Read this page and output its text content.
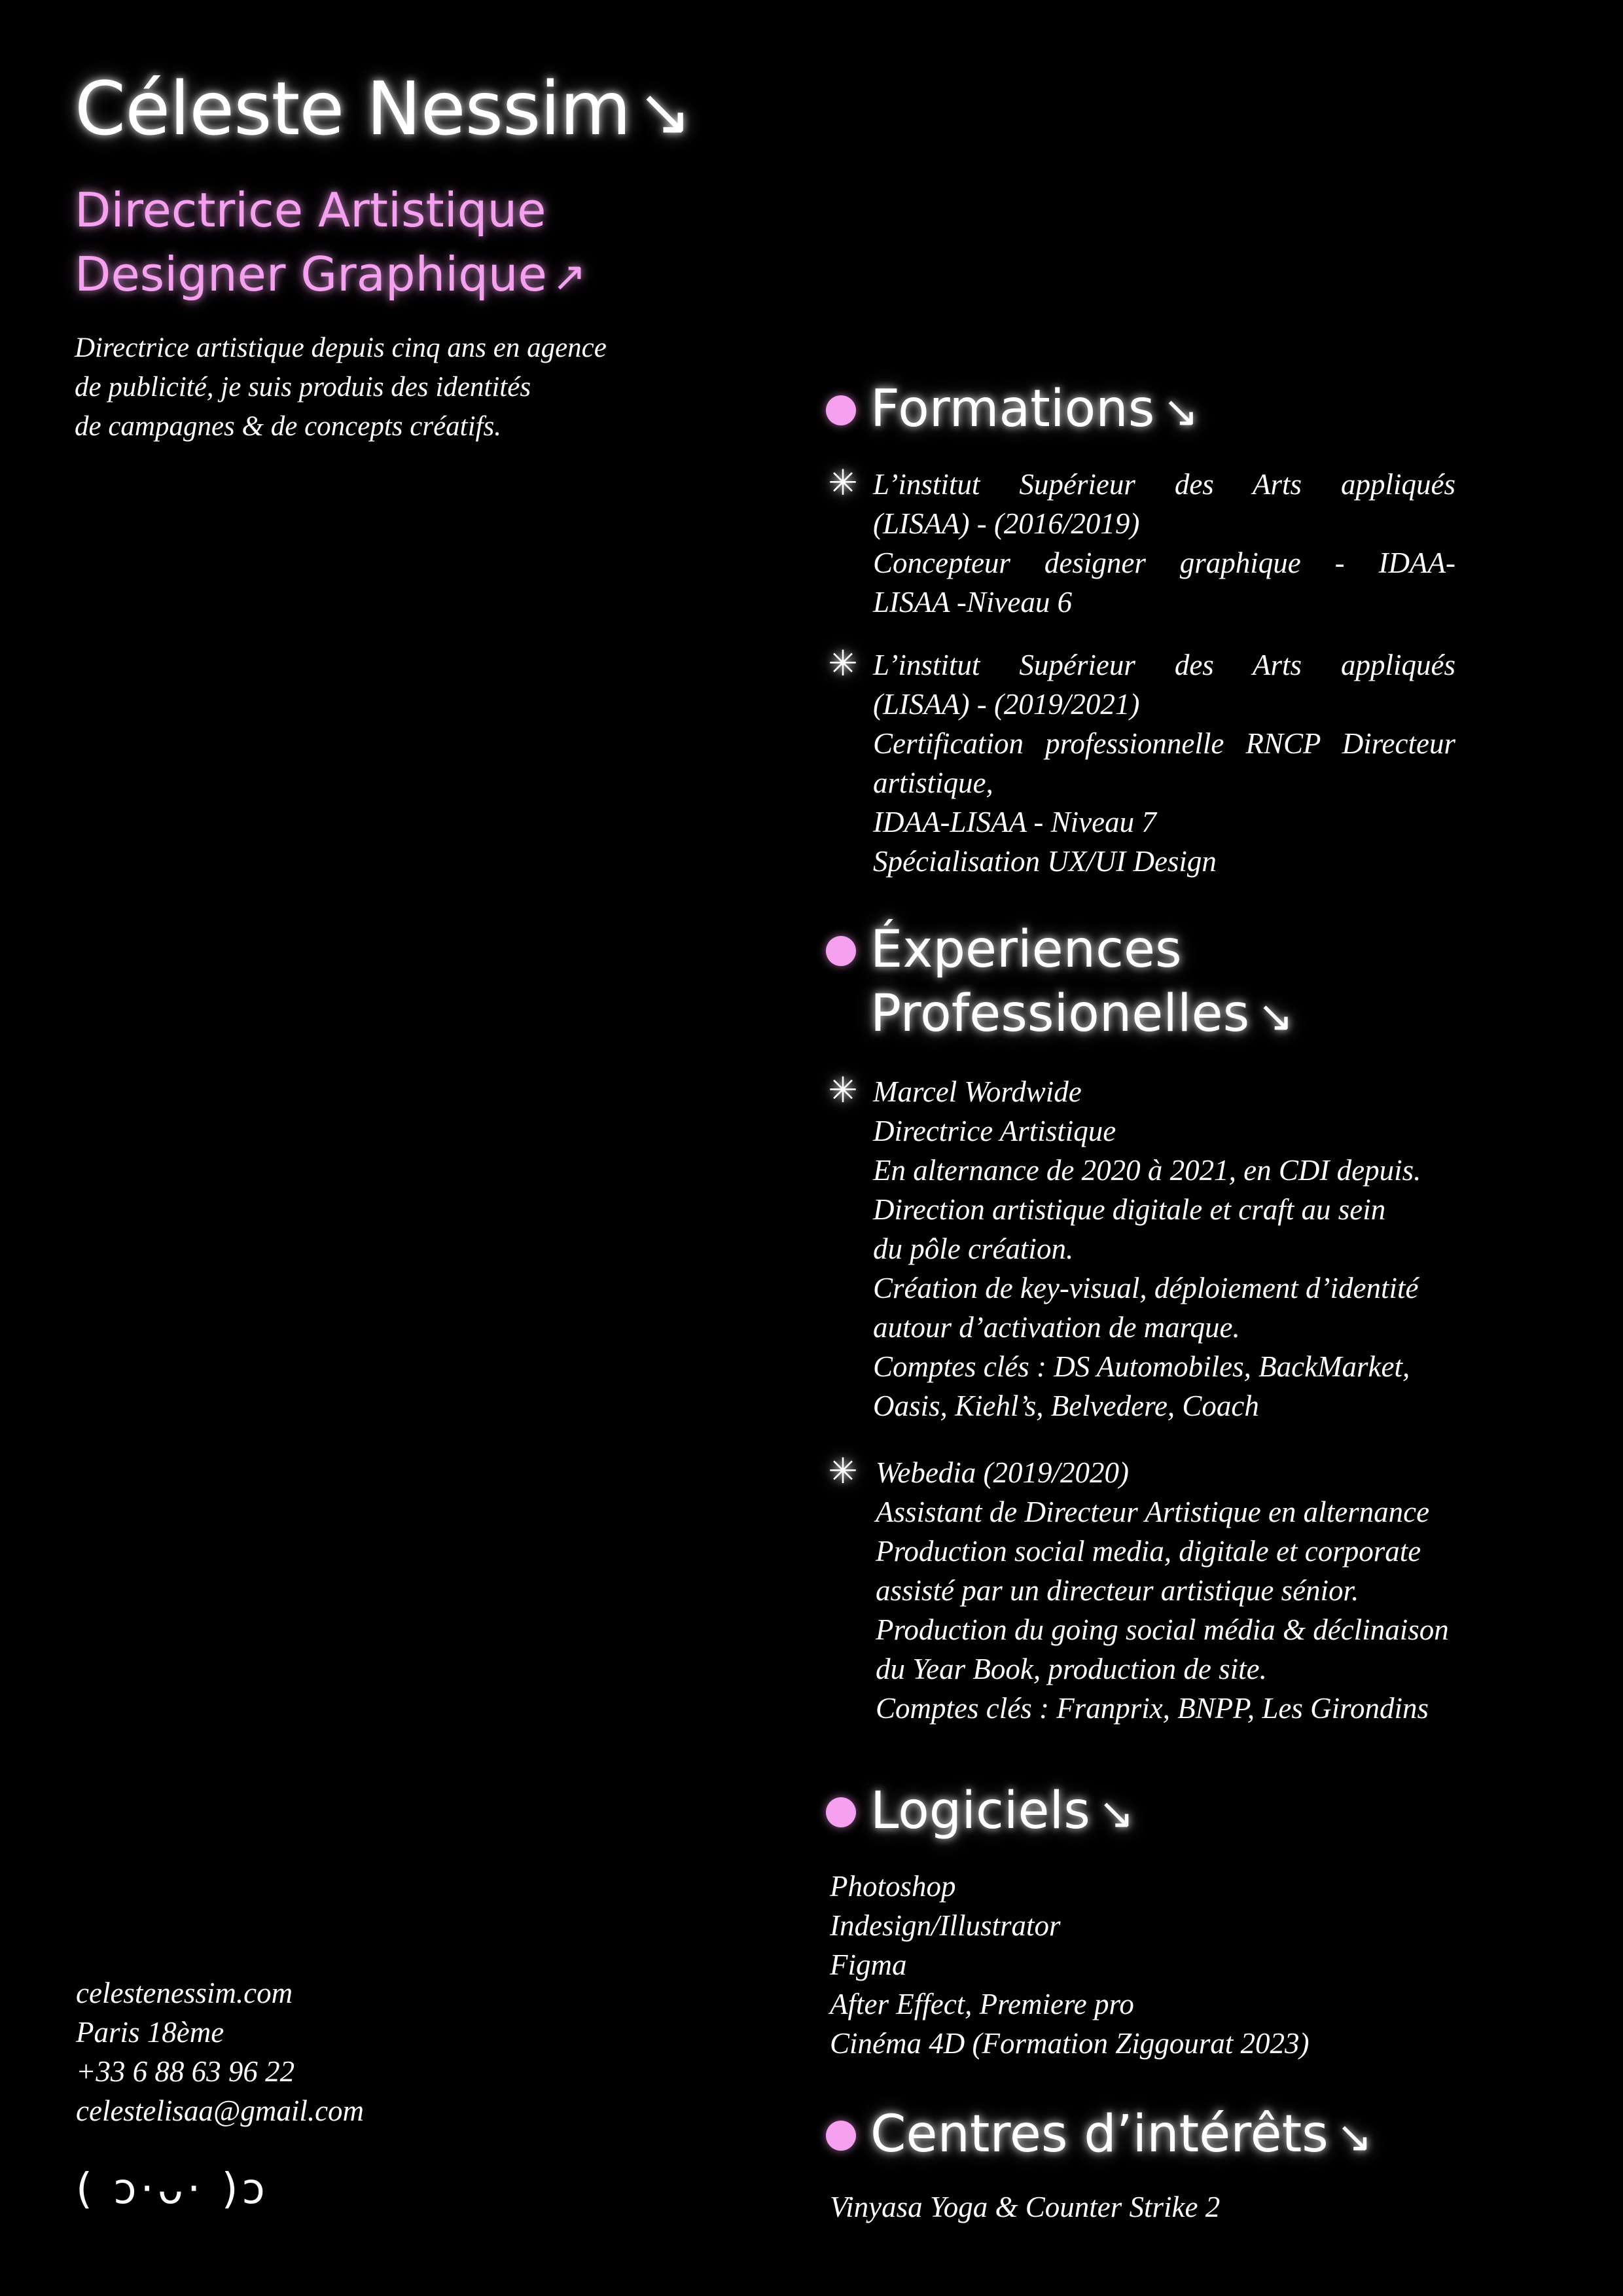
Céleste Nessim ↘
Directrice Artistique
Designer Graphique ↗
Directrice artistique depuis cinq ans en agence
de publicité, je suis produis des identités
de campagnes & de concepts créatifs.
celestenessim.com
Paris 18ème
+33 6 88 63 96 22
celestelisaa@gmail.com
( ↄ·ᴗ· )ↄ
Formations ↘
✳ L’institut Supérieur des Arts appliqués
(LISAA) - (2016/2019)
Concepteur designer graphique - IDAA-
LISAA -Niveau 6
✳ L’institut Supérieur des Arts appliqués
(LISAA) - (2019/2021)
Certification professionnelle RNCP Directeur
artistique,
IDAA-LISAA - Niveau 7
Spécialisation UX/UI Design
Éxperiences
Professionelles ↘
✳ Marcel Wordwide
Directrice Artistique
En alternance de 2020 à 2021, en CDI depuis.
Direction artistique digitale et craft au sein
du pôle création.
Création de key-visual, déploiement d’identité
autour d’activation de marque.
Comptes clés : DS Automobiles, BackMarket,
Oasis, Kiehl’s, Belvedere, Coach
✳ Webedia (2019/2020)
Assistant de Directeur Artistique en alternance
Production social media, digitale et corporate
assisté par un directeur artistique sénior.
Production du going social média & déclinaison
du Year Book, production de site.
Comptes clés : Franprix, BNPP, Les Girondins
Logiciels ↘
Photoshop
Indesign/Illustrator
Figma
After Effect, Premiere pro
Cinéma 4D (Formation Ziggourat 2023)
Centres d’intérêts ↘
Vinyasa Yoga & Counter Strike 2
